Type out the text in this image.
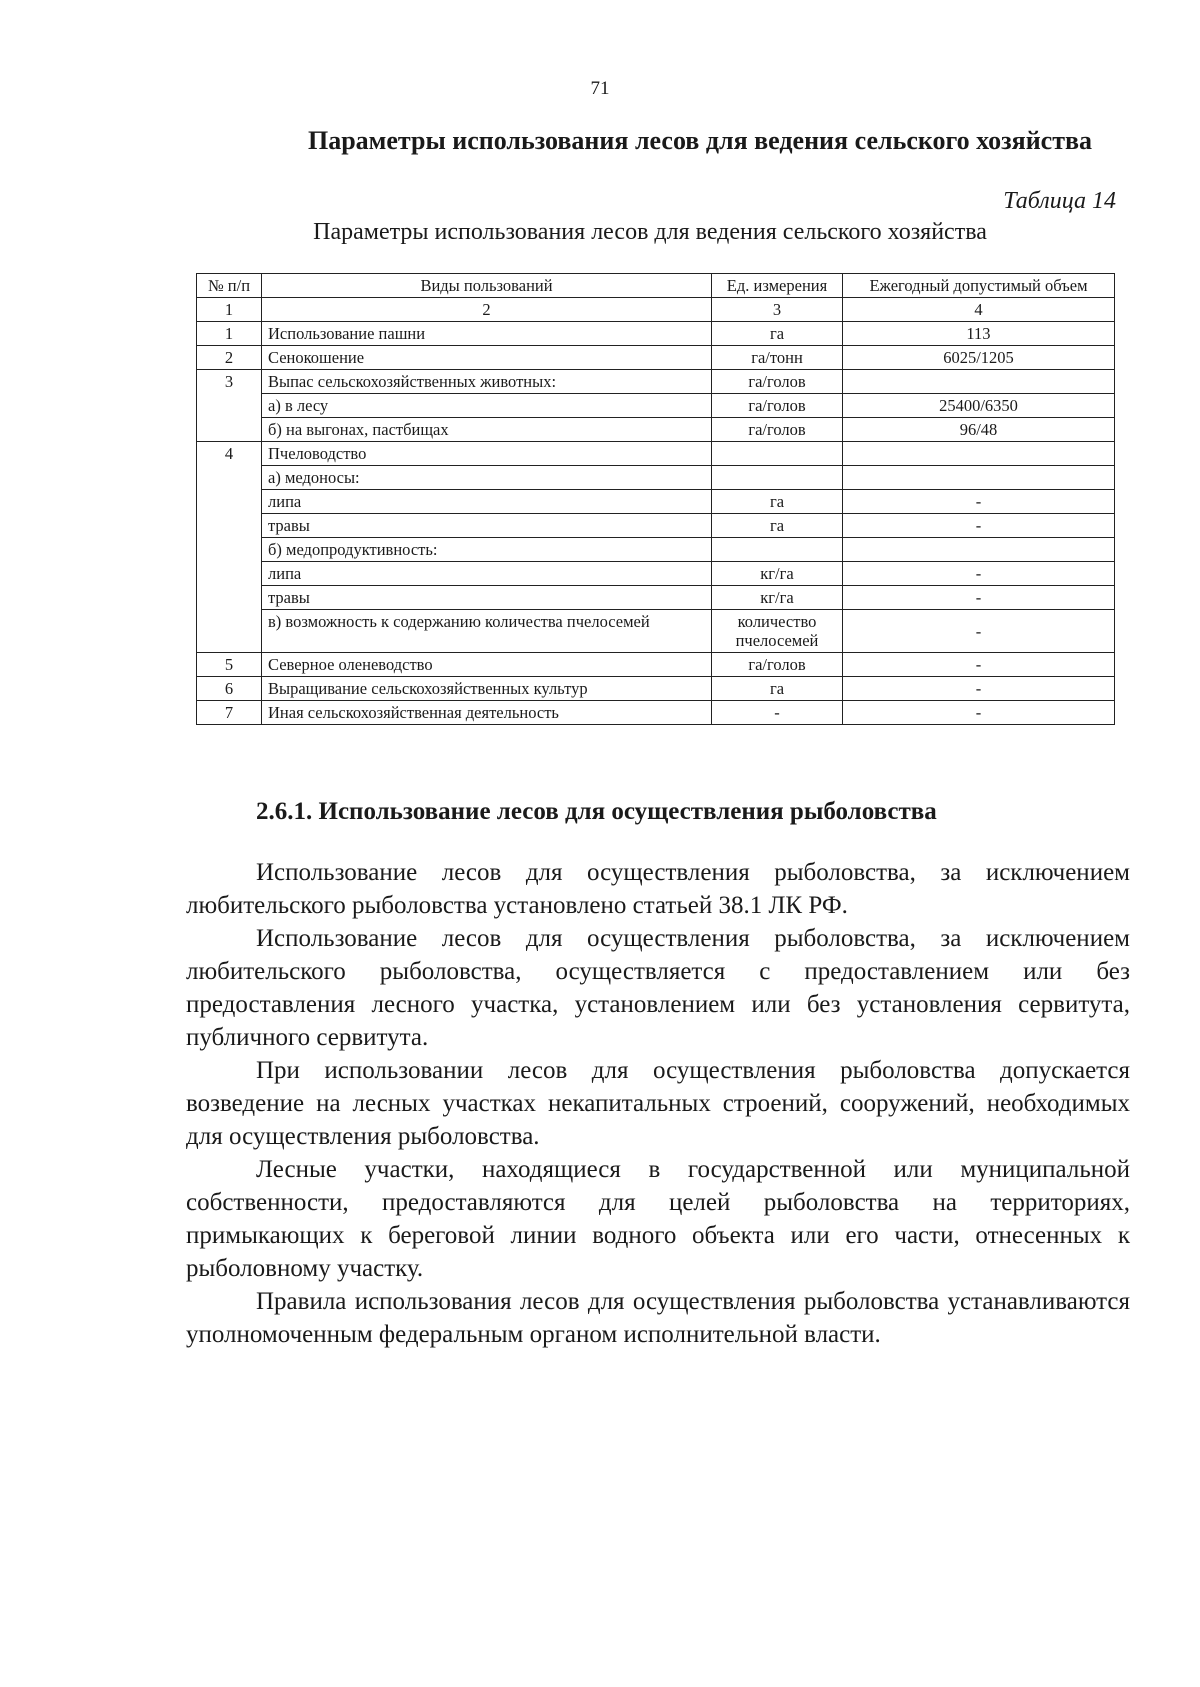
71
Параметры использования лесов для ведения сельского хозяйства
Таблица 14
Параметры использования лесов для ведения сельского хозяйства
№ п/п	Виды пользований	Ед. измерения	Ежегодный допустимый объем
1	2	3	4
1	Использование пашни	га	113
2	Сенокошение	га/тонн	6025/1205
3	Выпас сельскохозяйственных животных:	га/голов	
	а) в лесу	га/голов	25400/6350
	б) на выгонах, пастбищах	га/голов	96/48
4	Пчеловодство		
	а) медоносы:		
	липа	га	-
	травы	га	-
	б) медопродуктивность:		
	липа	кг/га	-
	травы	кг/га	-
	в) возможность к содержанию количества пчелосемей	количество пчелосемей	-
5	Северное оленеводство	га/голов	-
6	Выращивание сельскохозяйственных культур	га	-
7	Иная сельскохозяйственная деятельность	-	-
2.6.1. Использование лесов для осуществления рыболовства

Использование лесов для осуществления рыболовства, за исключением любительского рыболовства установлено статьей 38.1 ЛК РФ.

Использование лесов для осуществления рыболовства, за исключением любительского рыболовства, осуществляется с предоставлением или без предоставления лесного участка, установлением или без установления сервитута, публичного сервитута.

При использовании лесов для осуществления рыболовства допускается возведение на лесных участках некапитальных строений, сооружений, необходимых для осуществления рыболовства.

Лесные участки, находящиеся в государственной или муниципальной собственности, предоставляются для целей рыболовства на территориях, примыкающих к береговой линии водного объекта или его части, отнесенных к рыболовному участку.

Правила использования лесов для осуществления рыболовства устанавливаются уполномоченным федеральным органом исполнительной власти.
